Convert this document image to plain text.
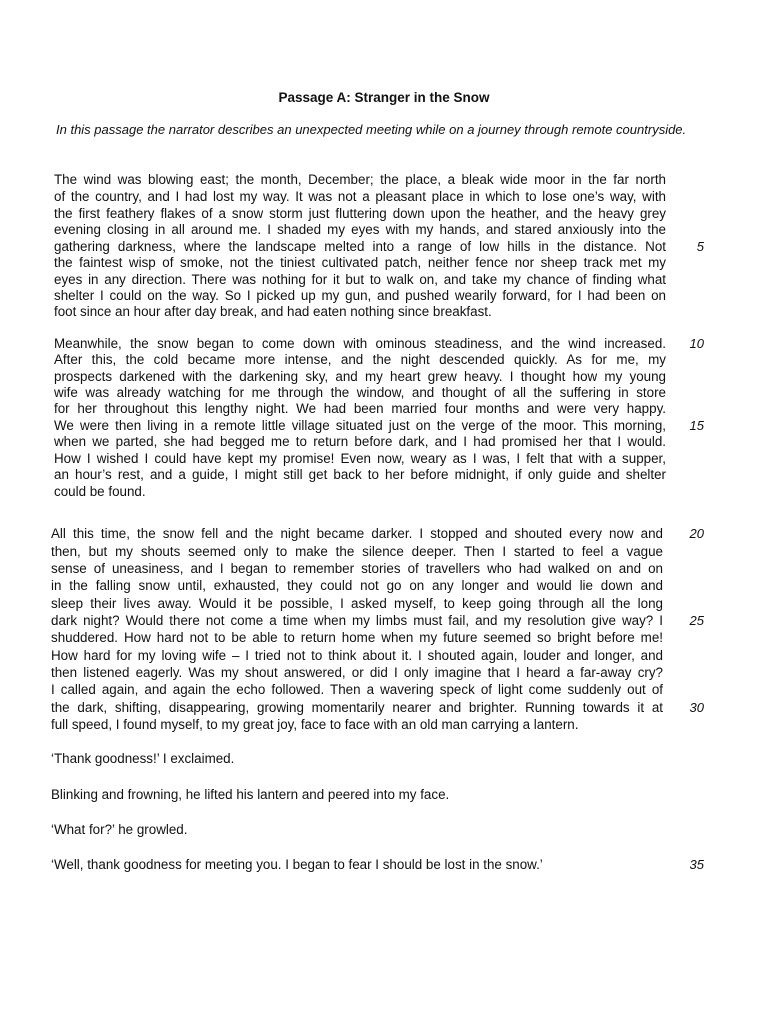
Passage A: Stranger in the Snow
In this passage the narrator describes an unexpected meeting while on a journey through remote countryside.
The wind was blowing east; the month, December; the place, a bleak wide moor in the far north
of the country, and I had lost my way. It was not a pleasant place in which to lose one’s way, with
the first feathery flakes of a snow storm just fluttering down upon the heather, and the heavy grey
evening closing in all around me. I shaded my eyes with my hands, and stared anxiously into the
gathering darkness, where the landscape melted into a range of low hills in the distance. Not
the faintest wisp of smoke, not the tiniest cultivated patch, neither fence nor sheep track met my
eyes in any direction. There was nothing for it but to walk on, and take my chance of finding what
shelter I could on the way. So I picked up my gun, and pushed wearily forward, for I had been on
foot since an hour after day break, and had eaten nothing since breakfast.
Meanwhile, the snow began to come down with ominous steadiness, and the wind increased.
After this, the cold became more intense, and the night descended quickly. As for me, my
prospects darkened with the darkening sky, and my heart grew heavy. I thought how my young
wife was already watching for me through the window, and thought of all the suffering in store
for her throughout this lengthy night. We had been married four months and were very happy.
We were then living in a remote little village situated just on the verge of the moor. This morning,
when we parted, she had begged me to return before dark, and I had promised her that I would.
How I wished I could have kept my promise! Even now, weary as I was, I felt that with a supper,
an hour’s rest, and a guide, I might still get back to her before midnight, if only guide and shelter
could be found.
All this time, the snow fell and the night became darker. I stopped and shouted every now and
then, but my shouts seemed only to make the silence deeper. Then I started to feel a vague
sense of uneasiness, and I began to remember stories of travellers who had walked on and on
in the falling snow until, exhausted, they could not go on any longer and would lie down and
sleep their lives away. Would it be possible, I asked myself, to keep going through all the long
dark night? Would there not come a time when my limbs must fail, and my resolution give way? I
shuddered. How hard not to be able to return home when my future seemed so bright before me!
How hard for my loving wife – I tried not to think about it. I shouted again, louder and longer, and
then listened eagerly. Was my shout answered, or did I only imagine that I heard a far-away cry?
I called again, and again the echo followed. Then a wavering speck of light come suddenly out of
the dark, shifting, disappearing, growing momentarily nearer and brighter. Running towards it at
full speed, I found myself, to my great joy, face to face with an old man carrying a lantern.
‘Thank goodness!’ I exclaimed.
Blinking and frowning, he lifted his lantern and peered into my face.
‘What for?’ he growled.
‘Well, thank goodness for meeting you. I began to fear I should be lost in the snow.’
5
10
15
20
25
30
35
